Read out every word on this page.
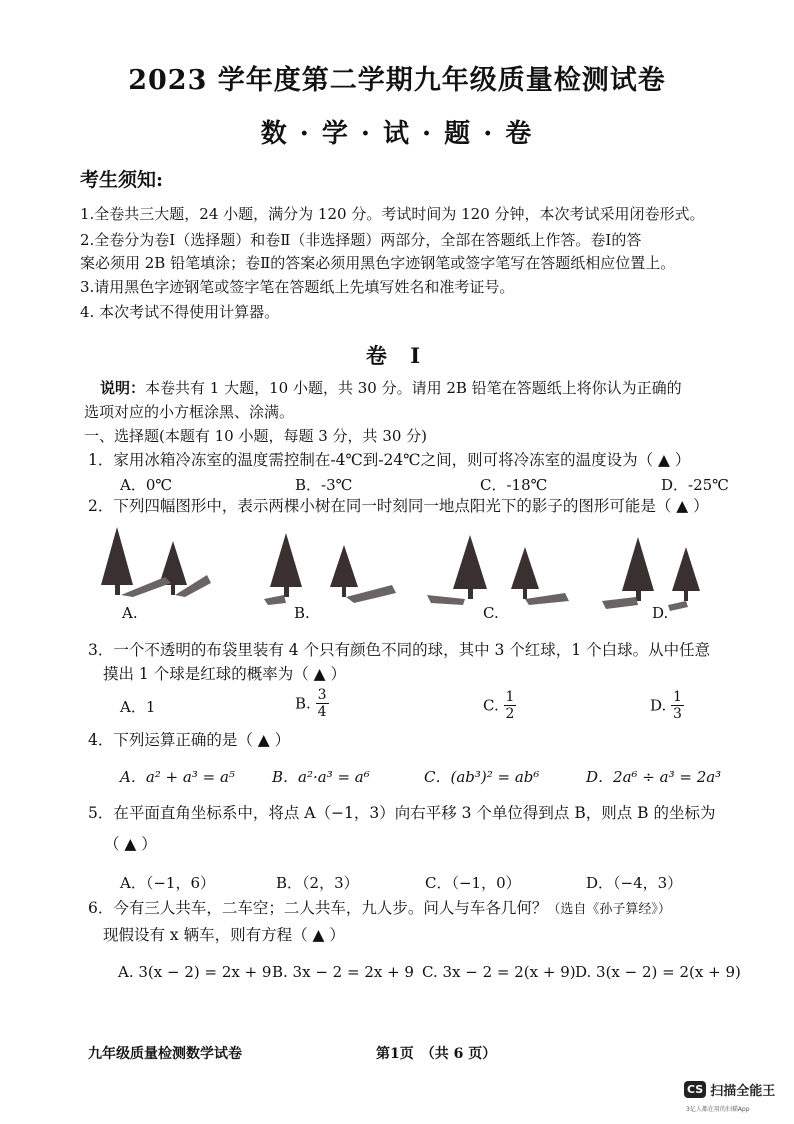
2023 学年度第二学期九年级质量检测试卷
数 · 学 · 试 · 题 · 卷
考生须知:
1.全卷共三大题，24 小题，满分为 120 分。考试时间为 120 分钟，本次考试采用闭卷形式。
2.全卷分为卷Ⅰ（选择题）和卷Ⅱ（非选择题）两部分，全部在答题纸上作答。卷Ⅰ的答
案必须用 2B 铅笔填涂；卷Ⅱ的答案必须用黑色字迹钢笔或签字笔写在答题纸相应位置上。
3.请用黑色字迹钢笔或签字笔在答题纸上先填写姓名和准考证号。
4. 本次考试不得使用计算器。
卷 Ⅰ
说明：本卷共有 1 大题，10 小题，共 30 分。请用 2B 铅笔在答题纸上将你认为正确的
选项对应的小方框涂黑、涂满。
一、选择题(本题有 10 小题，每题 3 分，共 30 分)
1．家用冰箱冷冻室的温度需控制在-4℃到-24℃之间，则可将冷冻室的温度设为（ ▲ ）
A．0℃	B．-3℃	C．-18℃	D．-25℃
2．下列四幅图形中，表示两棵小树在同一时刻同一地点阳光下的影子的图形可能是（ ▲ ）
A.	B.	C.	D.
3．一个不透明的布袋里装有 4 个只有颜色不同的球，其中 3 个红球，1 个白球。从中任意
摸出 1 个球是红球的概率为（ ▲ ）
A．1	B. $\frac{3}{4}$	C. $\frac{1}{2}$	D. $\frac{1}{3}$
4．下列运算正确的是（ ▲ ）
A．a² + a³ = a⁵ B．a²·a³ = a⁶	C．(ab³)² = ab⁶	D．2a⁶ ÷ a³ = 2a³
5．在平面直角坐标系中，将点 A（−1，3）向右平移 3 个单位得到点 B，则点 B 的坐标为
（ ▲ ）
A．（−1，6）	B．（2，3）	C．（−1，0）	D．（−4，3）
6．今有三人共车，二车空；二人共车，九人步。问人与车各几何？（选自《孙子算经》）
现假设有 x 辆车，则有方程（ ▲ ）
A. 3(x − 2) = 2x + 9 B. 3x − 2 = 2x + 9 C. 3x − 2 = 2(x + 9) D. 3(x − 2) = 2(x + 9)
九年级质量检测数学试卷	第1页　（共 6 页）
CS 扫描全能王
3亿人都在用的扫描App
